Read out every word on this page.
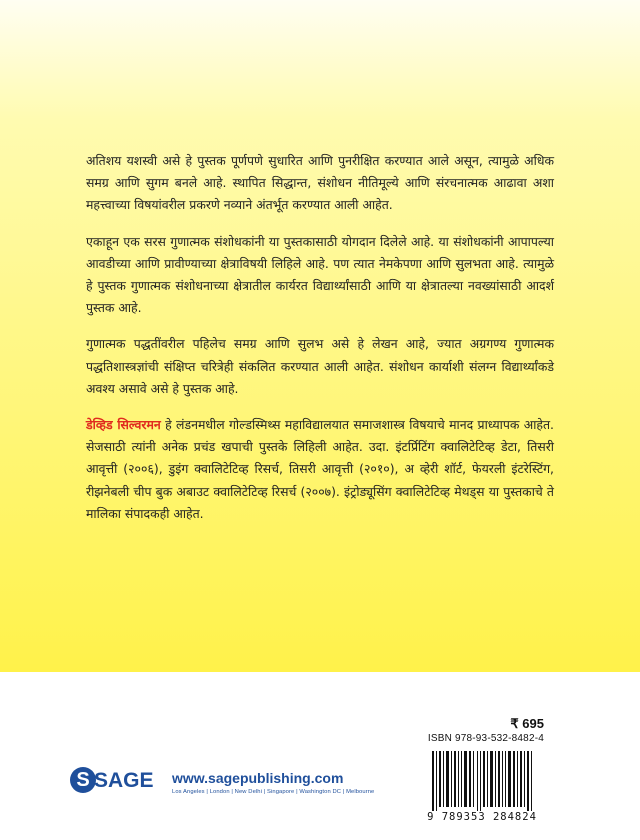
अतिशय यशस्वी असे हे पुस्तक पूर्णपणे सुधारित आणि पुनरीक्षित करण्यात आले असून, त्यामुळे अधिक समग्र आणि सुगम बनले आहे. स्थापित सिद्धान्त, संशोधन नीतिमूल्ये आणि संरचनात्मक आढावा अशा महत्त्वाच्या विषयांवरील प्रकरणे नव्याने अंतर्भूत करण्यात आली आहेत.

एकाहून एक सरस गुणात्मक संशोधकांनी या पुस्तकासाठी योगदान दिलेले आहे. या संशोधकांनी आपापल्या आवडीच्या आणि प्रावीण्याच्या क्षेत्राविषयी लिहिले आहे. पण त्यात नेमकेपणा आणि सुलभता आहे. त्यामुळे हे पुस्तक गुणात्मक संशोधनाच्या क्षेत्रातील कार्यरत विद्यार्थ्यांसाठी आणि या क्षेत्रातल्या नवख्यांसाठी आदर्श पुस्तक आहे.

गुणात्मक पद्धतींवरील पहिलेच समग्र आणि सुलभ असे हे लेखन आहे, ज्यात अग्रगण्य गुणात्मक पद्धतिशास्त्रज्ञांची संक्षिप्त चरित्रेही संकलित करण्यात आली आहेत. संशोधन कार्याशी संलग्न विद्यार्थ्यांकडे अवश्य असावे असे हे पुस्तक आहे.

डेव्हिड सिल्वरमन हे लंडनमधील गोल्डस्मिथ्स महाविद्यालयात समाजशास्त्र विषयाचे मानद प्राध्यापक आहेत. सेजसाठी त्यांनी अनेक प्रचंड खपाची पुस्तके लिहिली आहेत. उदा. इंटर्प्रिटिंग क्वालिटेटिव्ह डेटा, तिसरी आवृत्ती (२००६), डुइंग क्वालिटेटिव्ह रिसर्च, तिसरी आवृत्ती (२०१०), अ व्हेरी शॉर्ट, फेयरली इंटरेस्टिंग, रीझनेबली चीप बुक अबाउट क्वालिटेटिव्ह रिसर्च (२००७). इंट्रोड्यूसिंग क्वालिटेटिव्ह मेथड्स या पुस्तकाचे ते मालिका संपादकही आहेत.

S SAGE www.sagepublishing.com
Los Angeles | London | New Delhi | Singapore | Washington DC | Melbourne
₹ 695
ISBN 978-93-532-8482-4
9 789353 284824
